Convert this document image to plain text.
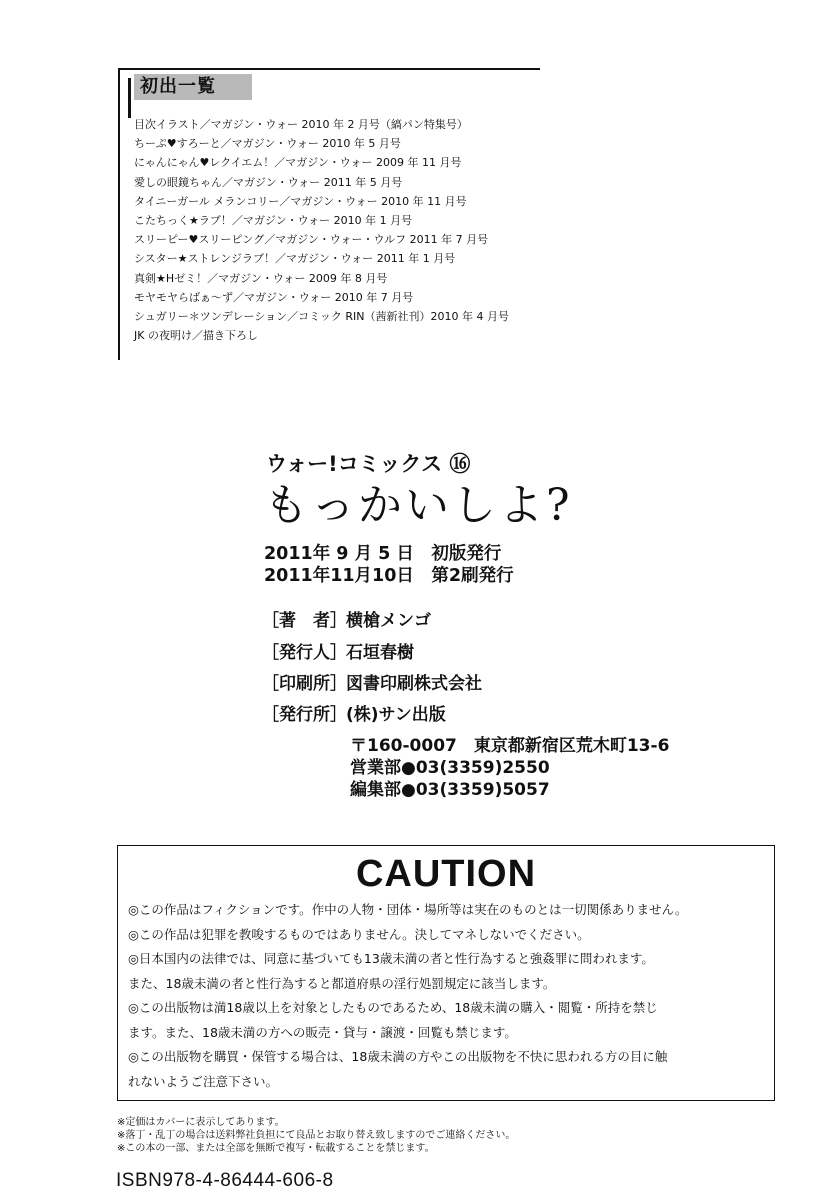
初出一覧
目次イラスト／マガジン・ウォー 2010 年 2 月号（縞パン特集号）
ちーぷ♥すろーと／マガジン・ウォー 2010 年 5 月号
にゃんにゃん♥レクイエム！／マガジン・ウォー 2009 年 11 月号
愛しの眼鏡ちゃん／マガジン・ウォー 2011 年 5 月号
タイニーガール メランコリー／マガジン・ウォー 2010 年 11 月号
こたちっく★ラブ！／マガジン・ウォー 2010 年 1 月号
スリーピー♥スリーピング／マガジン・ウォー・ウルフ 2011 年 7 月号
シスター★ストレンジラブ！／マガジン・ウォー 2011 年 1 月号
真剣★Hゼミ！／マガジン・ウォー 2009 年 8 月号
モヤモヤらばぁ〜ず／マガジン・ウォー 2010 年 7 月号
シュガリー＊ツンデレーション／コミック RIN（茜新社刊）2010 年 4 月号
JK の夜明け／描き下ろし
ウォー!コミックス ⑯
もっかいしよ?
2011年 9 月 5 日　初版発行
2011年11月10日　第2刷発行
［著　者］横槍メンゴ
［発行人］石垣春樹
［印刷所］図書印刷株式会社
［発行所］(株)サン出版
〒160-0007　東京都新宿区荒木町13-6
営業部●03(3359)2550
編集部●03(3359)5057
CAUTION
◎この作品はフィクションです。作中の人物・団体・場所等は実在のものとは一切関係ありません。
◎この作品は犯罪を教唆するものではありません。決してマネしないでください。
◎日本国内の法律では、同意に基づいても13歳未満の者と性行為すると強姦罪に問われます。
また、18歳未満の者と性行為すると都道府県の淫行処罰規定に該当します。
◎この出版物は満18歳以上を対象としたものであるため、18歳未満の購入・閲覧・所持を禁じ
ます。また、18歳未満の方への販売・貸与・譲渡・回覧も禁じます。
◎この出版物を購買・保管する場合は、18歳未満の方やこの出版物を不快に思われる方の目に触
れないようご注意下さい。
※定価はカバーに表示してあります。
※落丁・乱丁の場合は送料弊社負担にて良品とお取り替え致しますのでご連絡ください。
※この本の一部、または全部を無断で複写・転載することを禁じます。
ISBN978-4-86444-606-8
